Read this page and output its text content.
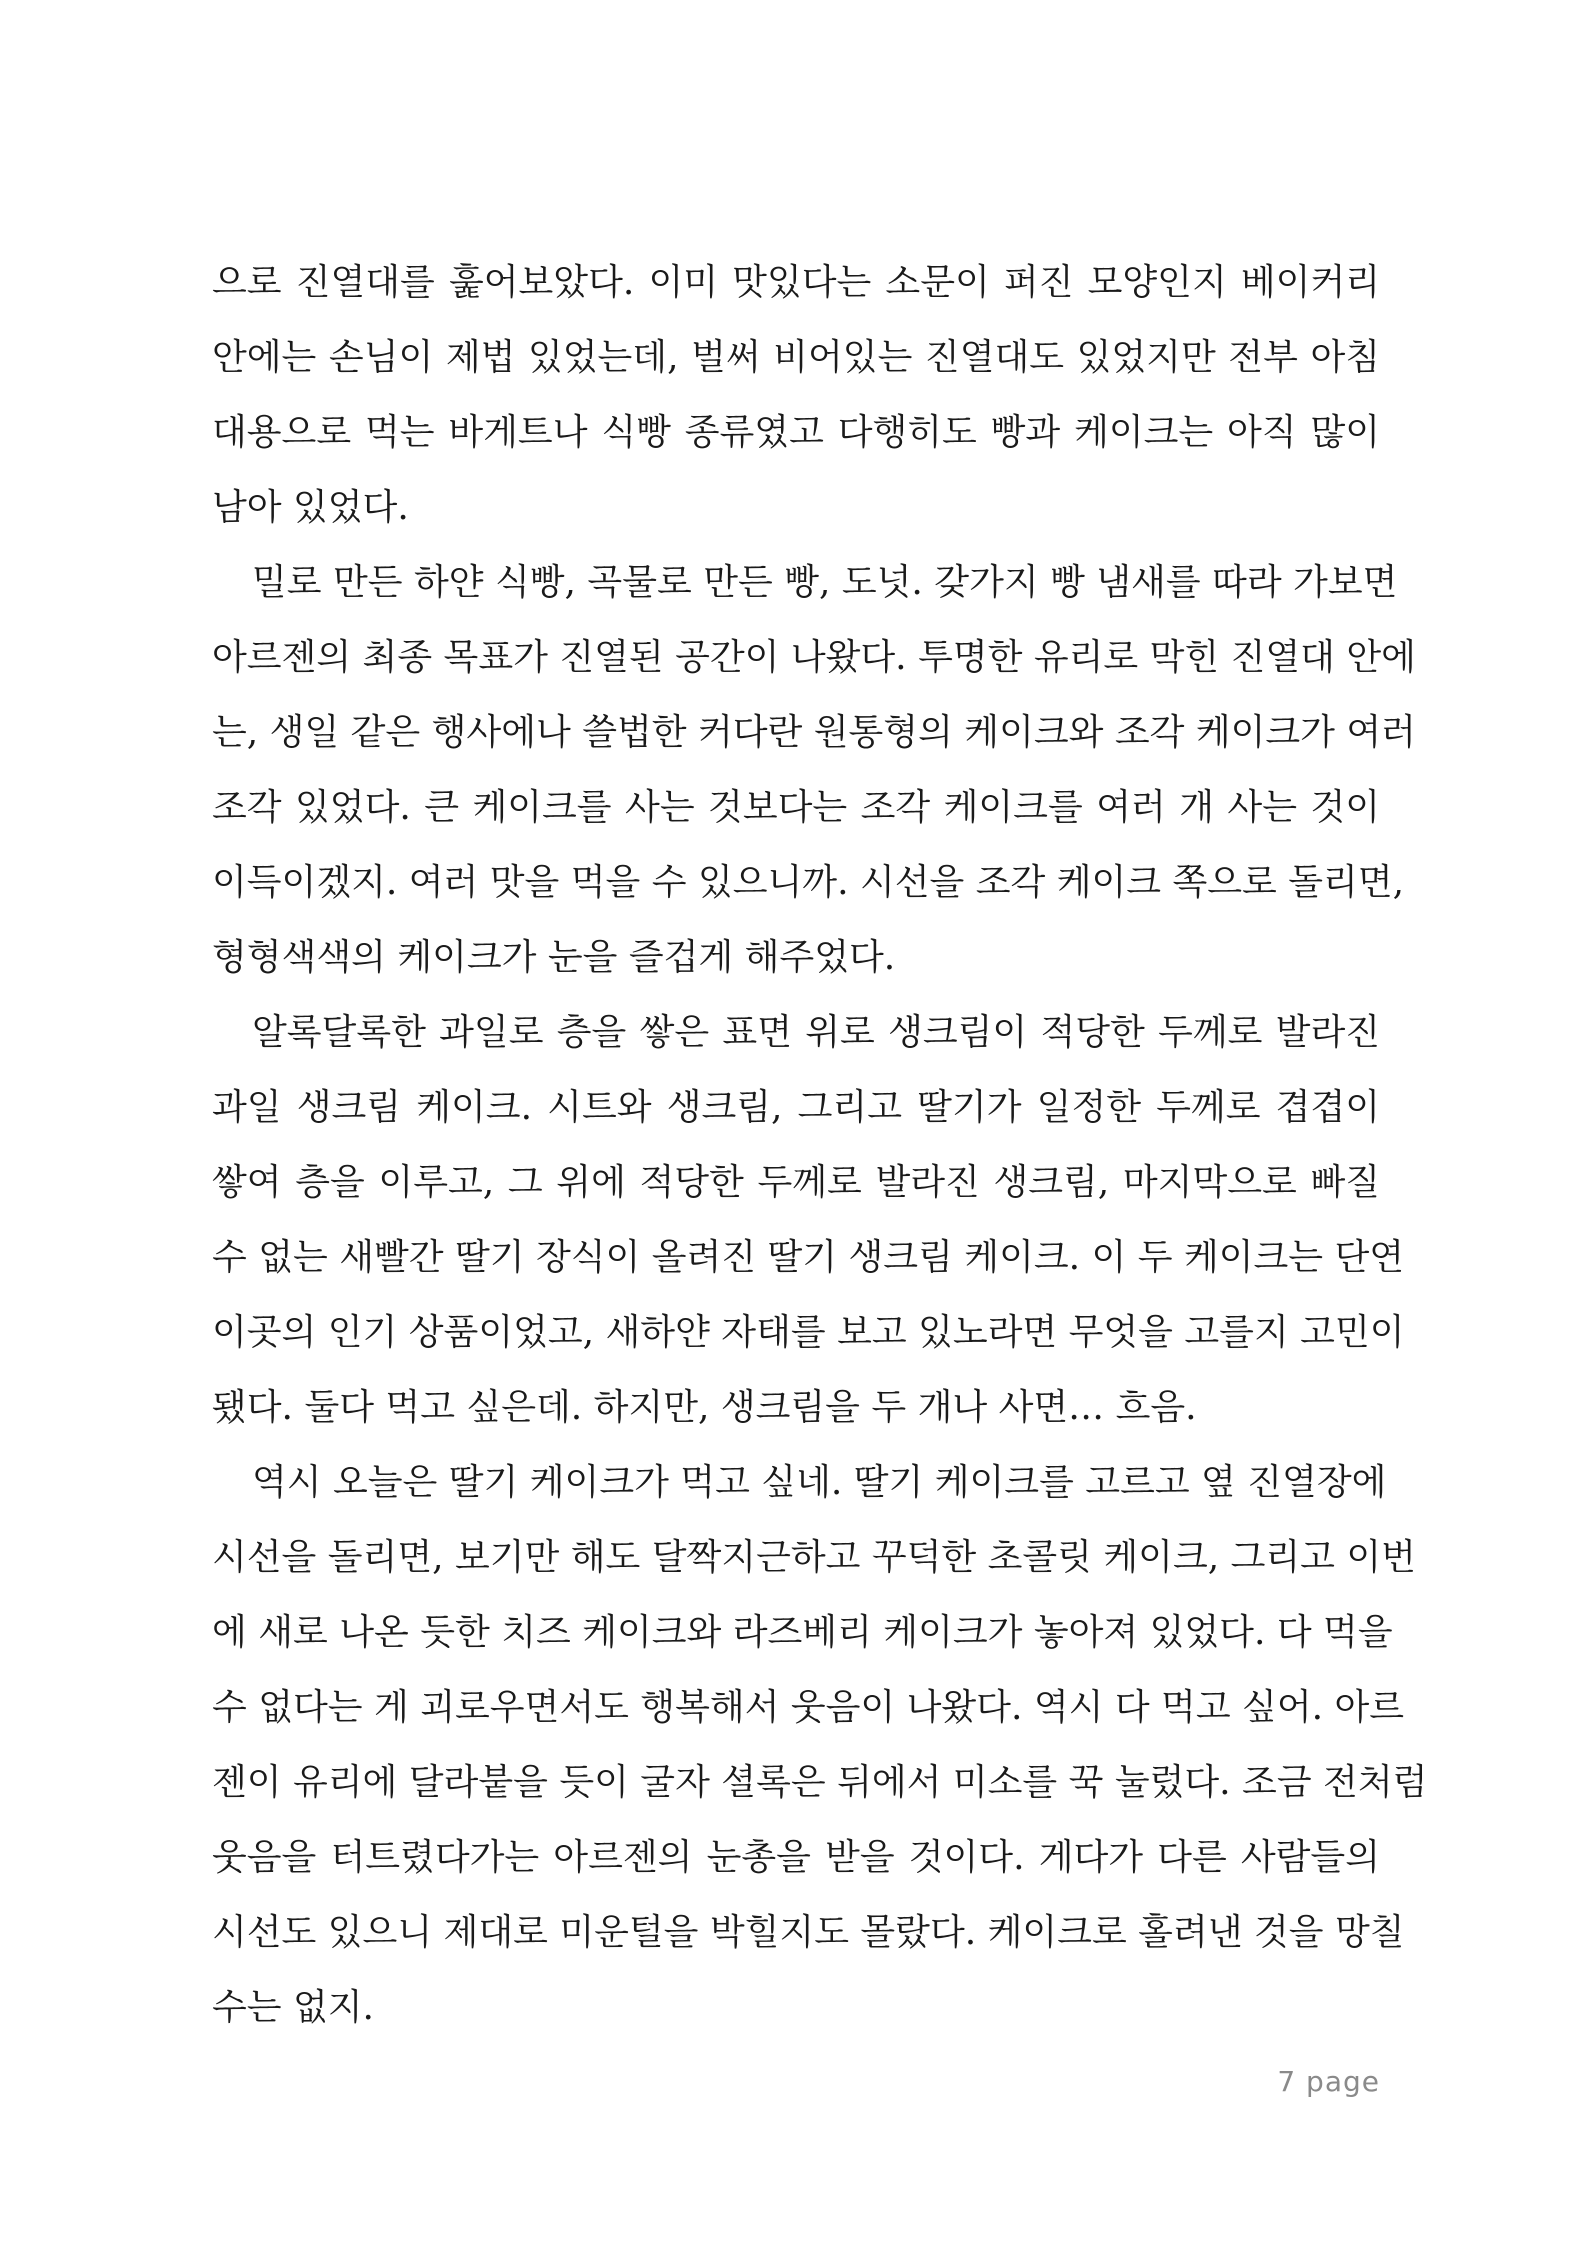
으로 진열대를 훑어보았다. 이미 맛있다는 소문이 퍼진 모양인지 베이커리
안에는 손님이 제법 있었는데, 벌써 비어있는 진열대도 있었지만 전부 아침
대용으로 먹는 바게트나 식빵 종류였고 다행히도 빵과 케이크는 아직 많이
남아 있었다.
밀로 만든 하얀 식빵, 곡물로 만든 빵, 도넛. 갖가지 빵 냄새를 따라 가보면
아르젠의 최종 목표가 진열된 공간이 나왔다. 투명한 유리로 막힌 진열대 안에
는, 생일 같은 행사에나 쓸법한 커다란 원통형의 케이크와 조각 케이크가 여러
조각 있었다. 큰 케이크를 사는 것보다는 조각 케이크를 여러 개 사는 것이
이득이겠지. 여러 맛을 먹을 수 있으니까. 시선을 조각 케이크 쪽으로 돌리면,
형형색색의 케이크가 눈을 즐겁게 해주었다.
알록달록한 과일로 층을 쌓은 표면 위로 생크림이 적당한 두께로 발라진
과일 생크림 케이크. 시트와 생크림, 그리고 딸기가 일정한 두께로 겹겹이
쌓여 층을 이루고, 그 위에 적당한 두께로 발라진 생크림, 마지막으로 빠질
수 없는 새빨간 딸기 장식이 올려진 딸기 생크림 케이크. 이 두 케이크는 단연
이곳의 인기 상품이었고, 새하얀 자태를 보고 있노라면 무엇을 고를지 고민이
됐다. 둘다 먹고 싶은데. 하지만, 생크림을 두 개나 사면… 흐음.
역시 오늘은 딸기 케이크가 먹고 싶네. 딸기 케이크를 고르고 옆 진열장에
시선을 돌리면, 보기만 해도 달짝지근하고 꾸덕한 초콜릿 케이크, 그리고 이번
에 새로 나온 듯한 치즈 케이크와 라즈베리 케이크가 놓아져 있었다. 다 먹을
수 없다는 게 괴로우면서도 행복해서 웃음이 나왔다. 역시 다 먹고 싶어. 아르
젠이 유리에 달라붙을 듯이 굴자 셜록은 뒤에서 미소를 꾹 눌렀다. 조금 전처럼
웃음을 터트렸다가는 아르젠의 눈총을 받을 것이다. 게다가 다른 사람들의
시선도 있으니 제대로 미운털을 박힐지도 몰랐다. 케이크로 홀려낸 것을 망칠
수는 없지.
7 page
